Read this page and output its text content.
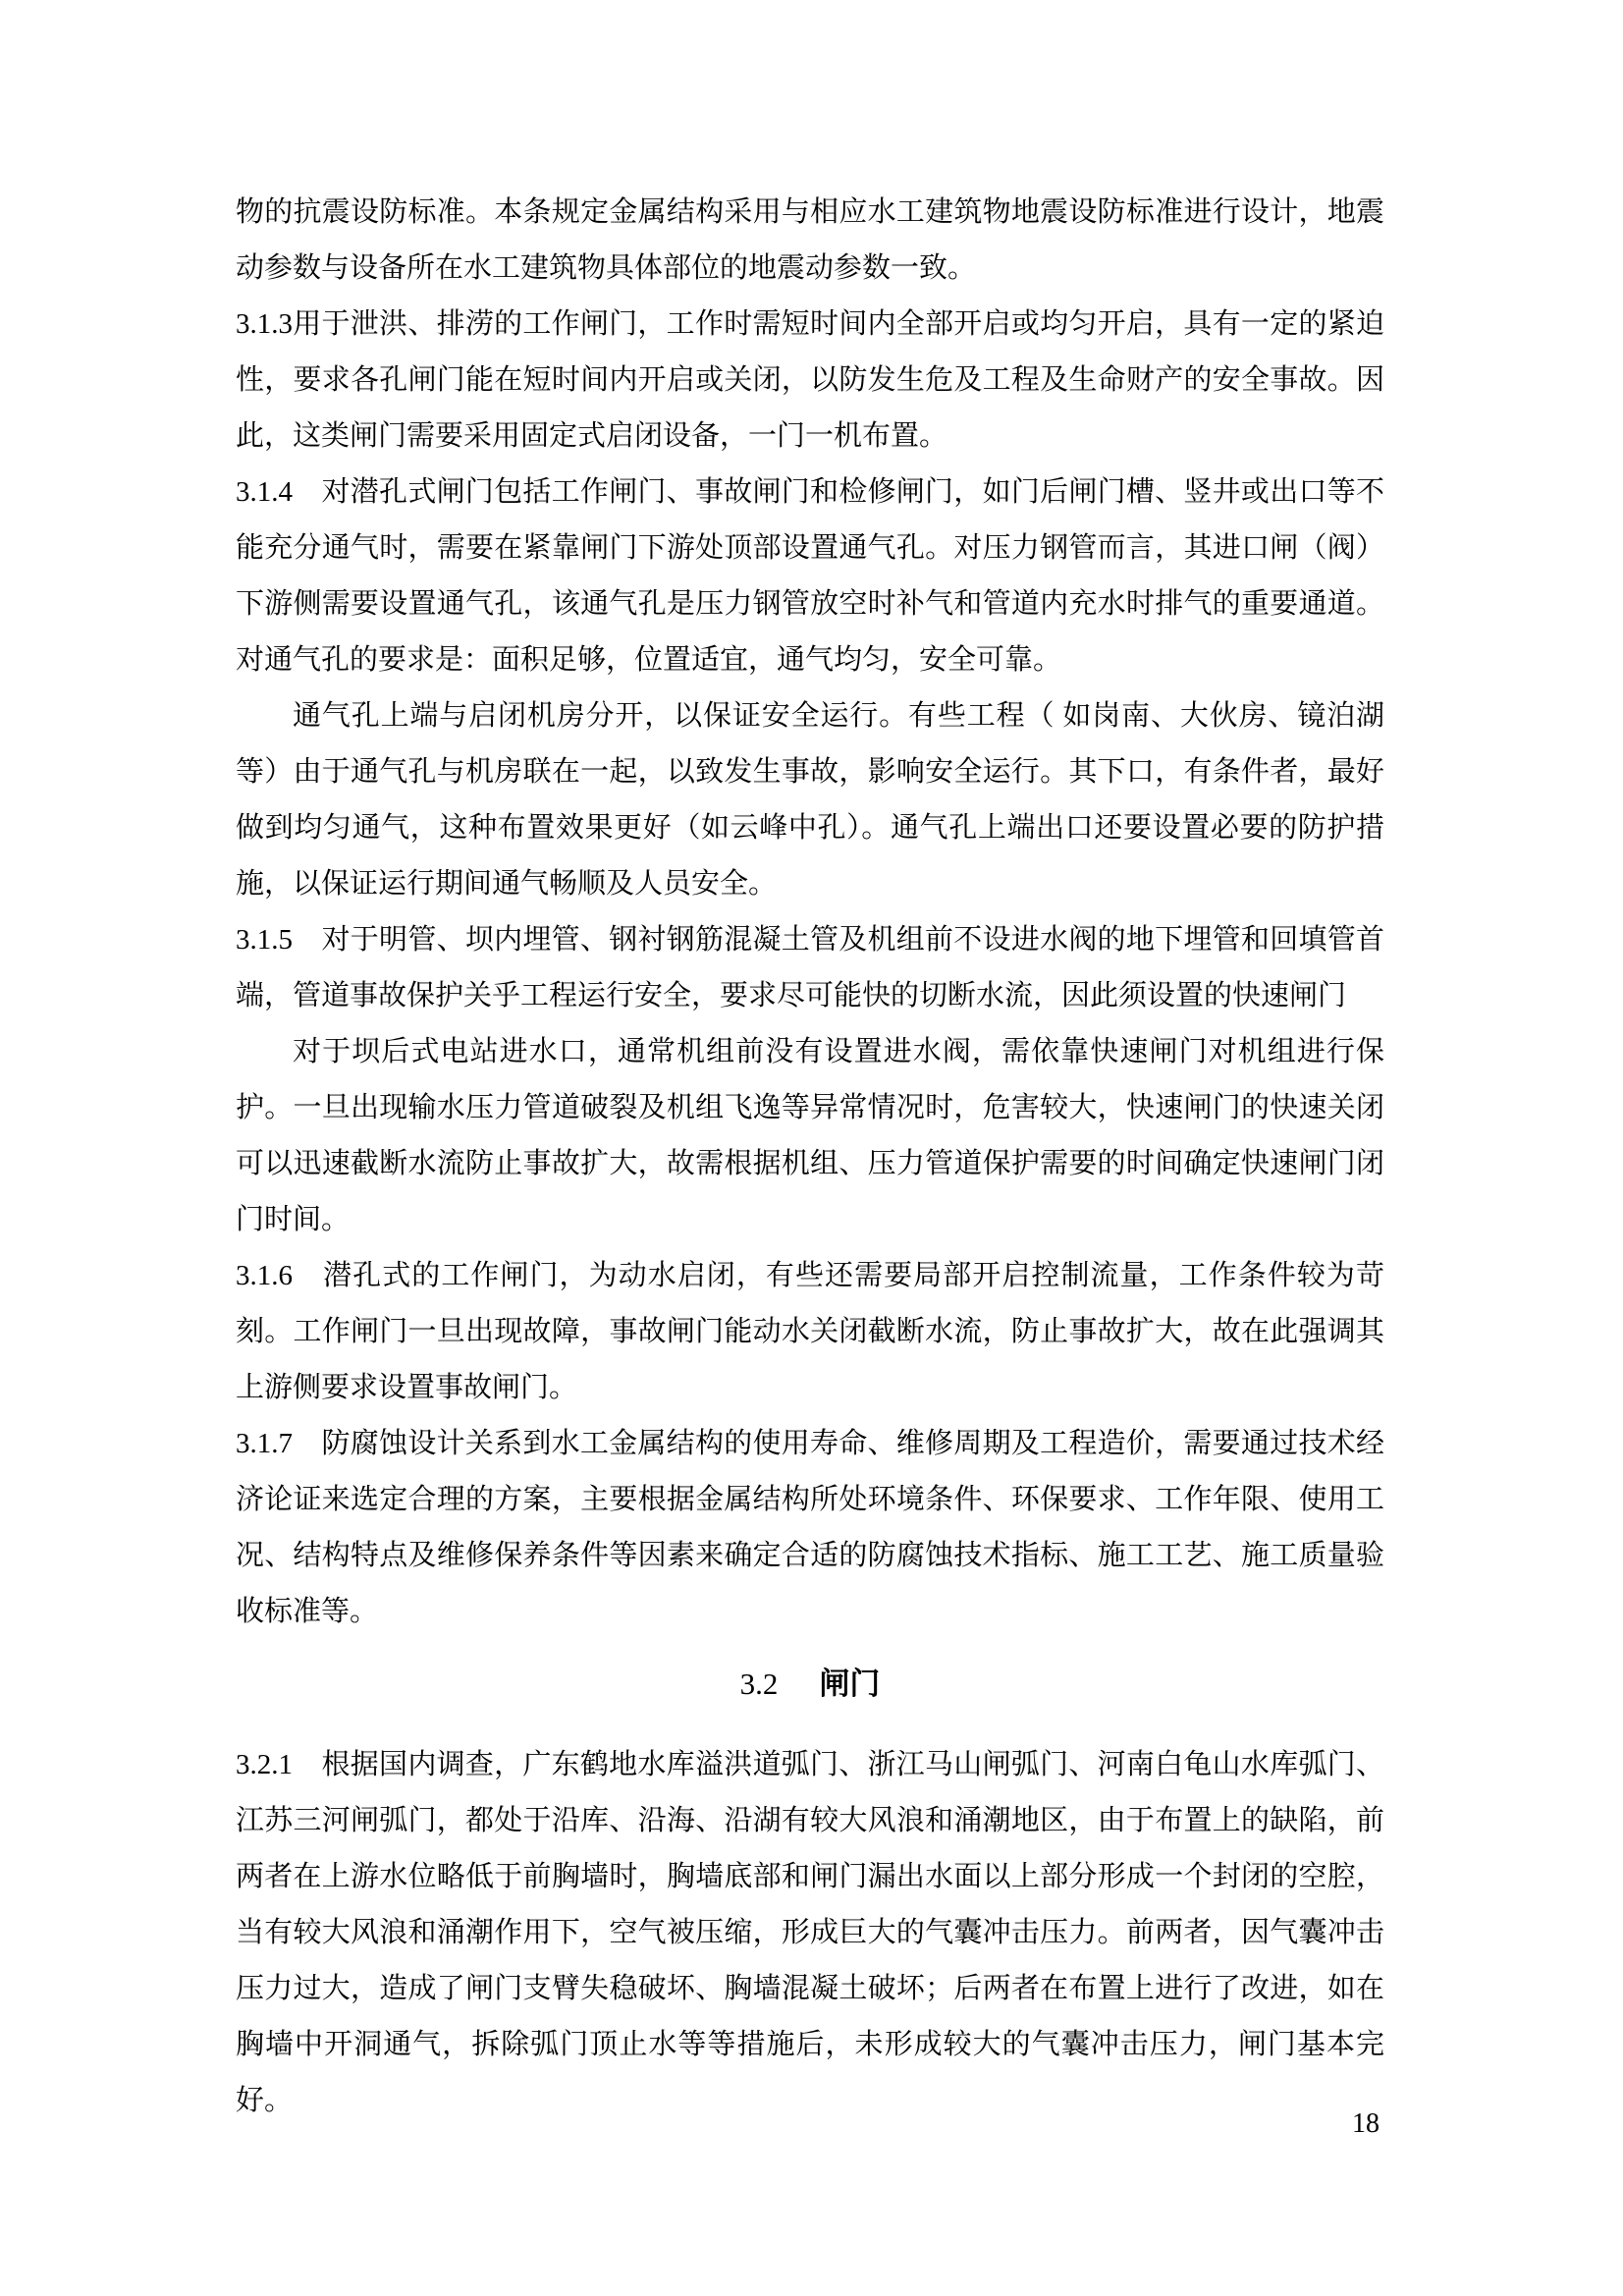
物的抗震设防标准。本条规定金属结构采用与相应水工建筑物地震设防标准进行设计，地震动参数与设备所在水工建筑物具体部位的地震动参数一致。

3.1.3用于泄洪、排涝的工作闸门，工作时需短时间内全部开启或均匀开启，具有一定的紧迫性，要求各孔闸门能在短时间内开启或关闭，以防发生危及工程及生命财产的安全事故。因此，这类闸门需要采用固定式启闭设备，一门一机布置。

3.1.4　对潜孔式闸门包括工作闸门、事故闸门和检修闸门，如门后闸门槽、竖井或出口等不能充分通气时，需要在紧靠闸门下游处顶部设置通气孔。对压力钢管而言，其进口闸（阀）下游侧需要设置通气孔，该通气孔是压力钢管放空时补气和管道内充水时排气的重要通道。对通气孔的要求是：面积足够，位置适宜，通气均匀，安全可靠。

通气孔上端与启闭机房分开，以保证安全运行。有些工程（ 如岗南、大伙房、镜泊湖等）由于通气孔与机房联在一起，以致发生事故，影响安全运行。其下口，有条件者，最好做到均匀通气，这种布置效果更好（如云峰中孔）。通气孔上端出口还要设置必要的防护措施，以保证运行期间通气畅顺及人员安全。

3.1.5　对于明管、坝内埋管、钢衬钢筋混凝土管及机组前不设进水阀的地下埋管和回填管首端，管道事故保护关乎工程运行安全，要求尽可能快的切断水流，因此须设置的快速闸门

对于坝后式电站进水口，通常机组前没有设置进水阀，需依靠快速闸门对机组进行保护。一旦出现输水压力管道破裂及机组飞逸等异常情况时，危害较大，快速闸门的快速关闭可以迅速截断水流防止事故扩大，故需根据机组、压力管道保护需要的时间确定快速闸门闭门时间。

3.1.6　潜孔式的工作闸门，为动水启闭，有些还需要局部开启控制流量，工作条件较为苛刻。工作闸门一旦出现故障，事故闸门能动水关闭截断水流，防止事故扩大，故在此强调其上游侧要求设置事故闸门。

3.1.7　防腐蚀设计关系到水工金属结构的使用寿命、维修周期及工程造价，需要通过技术经济论证来选定合理的方案，主要根据金属结构所处环境条件、环保要求、工作年限、使用工况、结构特点及维修保养条件等因素来确定合适的防腐蚀技术指标、施工工艺、施工质量验收标准等。

3.2 闸门

3.2.1　根据国内调查，广东鹤地水库溢洪道弧门、浙江马山闸弧门、河南白龟山水库弧门、江苏三河闸弧门，都处于沿库、沿海、沿湖有较大风浪和涌潮地区，由于布置上的缺陷，前两者在上游水位略低于前胸墙时，胸墙底部和闸门漏出水面以上部分形成一个封闭的空腔，当有较大风浪和涌潮作用下，空气被压缩，形成巨大的气囊冲击压力。前两者，因气囊冲击压力过大，造成了闸门支臂失稳破坏、胸墙混凝土破坏；后两者在布置上进行了改进，如在胸墙中开洞通气，拆除弧门顶止水等等措施后，未形成较大的气囊冲击压力，闸门基本完好。

18
